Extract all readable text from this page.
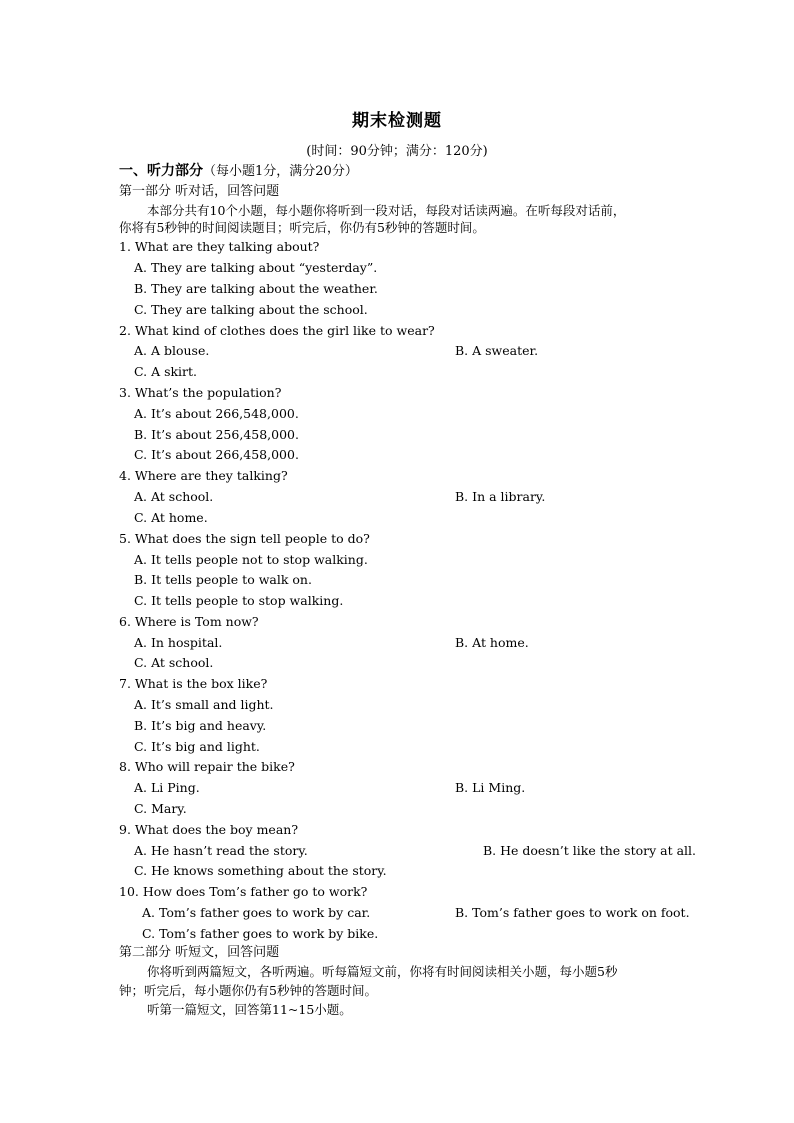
期末检测题
(时间：90分钟；满分：120分)
一、听力部分（每小题1分，满分20分）
第一部分 听对话，回答问题
本部分共有10个小题，每小题你将听到一段对话，每段对话读两遍。在听每段对话前，
你将有5秒钟的时间阅读题目；听完后，你仍有5秒钟的答题时间。
1. What are they talking about?
A. They are talking about “yesterday”.
B. They are talking about the weather.
C. They are talking about the school.
2. What kind of clothes does the girl like to wear?
A. A blouse.	B. A sweater.
C. A skirt.
3. What’s the population?
A. It’s about 266,548,000.
B. It’s about 256,458,000.
C. It’s about 266,458,000.
4. Where are they talking?
A. At school.	B. In a library.
C. At home.
5. What does the sign tell people to do?
A. It tells people not to stop walking.
B. It tells people to walk on.
C. It tells people to stop walking.
6. Where is Tom now?
A. In hospital.	B. At home.
C. At school.
7. What is the box like?
A. It’s small and light.
B. It’s big and heavy.
C. It’s big and light.
8. Who will repair the bike?
A. Li Ping.	B. Li Ming.
C. Mary.
9. What does the boy mean?
A. He hasn’t read the story.	B. He doesn’t like the story at all.
C. He knows something about the story.
10. How does Tom’s father go to work?
A. Tom’s father goes to work by car.	B. Tom’s father goes to work on foot.
C. Tom’s father goes to work by bike.
第二部分 听短文，回答问题
你将听到两篇短文，各听两遍。听每篇短文前，你将有时间阅读相关小题，每小题5秒
钟；听完后，每小题你仍有5秒钟的答题时间。
听第一篇短文，回答第11~15小题。
